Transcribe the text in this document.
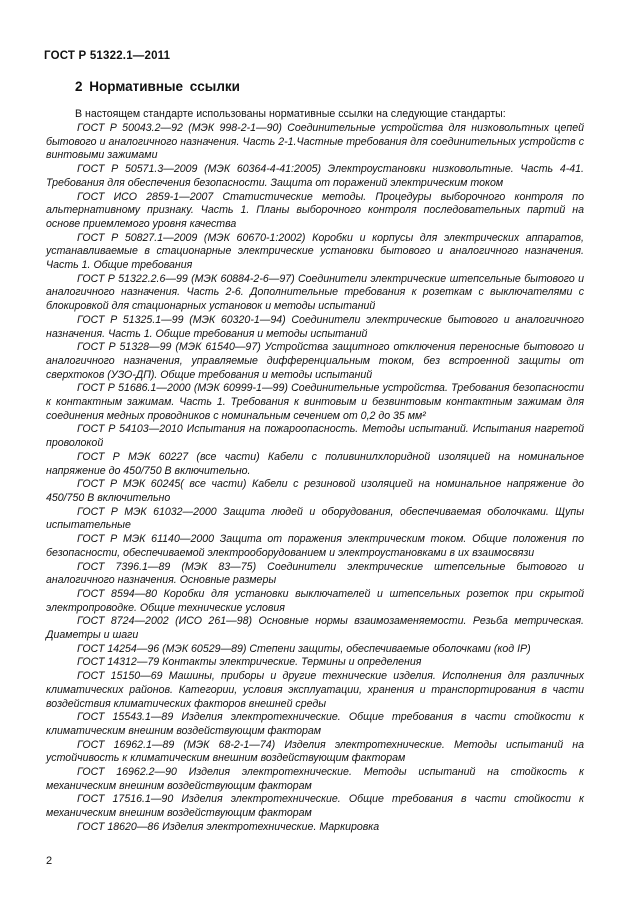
ГОСТ Р 51322.1—2011
2 Нормативные ссылки
В настоящем стандарте использованы нормативные ссылки на следующие стандарты:

ГОСТ Р 50043.2—92 (МЭК 998-2-1—90) Соединительные устройства для низковольтных цепей бытового и аналогичного назначения. Часть 2-1.Частные требования для соединительных устройств с винтовыми зажимами

ГОСТ Р 50571.3—2009 (МЭК 60364-4-41:2005) Электроустановки низковольтные. Часть 4-41. Требования для обеспечения безопасности. Защита от поражений электрическим током

ГОСТ ИСО 2859-1—2007 Статистические методы. Процедуры выборочного контроля по альтернативному признаку. Часть 1. Планы выборочного контроля последовательных партий на основе приемлемого уровня качества

ГОСТ Р 50827.1—2009 (МЭК 60670-1:2002) Коробки и корпусы для электрических аппаратов, устанавливаемые в стационарные электрические установки бытового и аналогичного назначения. Часть 1. Общие требования

ГОСТ Р 51322.2.6—99 (МЭК 60884-2-6—97) Соединители электрические штепсельные бытового и аналогичного назначения. Часть 2-6. Дополнительные требования к розеткам с выключателями с блокировкой для стационарных установок и методы испытаний

ГОСТ Р 51325.1—99 (МЭК 60320-1—94) Соединители электрические бытового и аналогичного назначения. Часть 1. Общие требования и методы испытаний

ГОСТ Р 51328—99 (МЭК 61540—97) Устройства защитного отключения переносные бытового и аналогичного назначения, управляемые дифференциальным током, без встроенной защиты от сверхтоков (УЗО-ДП). Общие требования и методы испытаний

ГОСТ Р 51686.1—2000 (МЭК 60999-1—99) Соединительные устройства. Требования безопасности к контактным зажимам. Часть 1. Требования к винтовым и безвинтовым контактным зажимам для соединения медных проводников с номинальным сечением от 0,2 до 35 мм²

ГОСТ Р 54103—2010 Испытания на пожароопасность. Методы испытаний. Испытания нагретой проволокой

ГОСТ Р МЭК 60227 (все части) Кабели с поливинилхлоридной изоляцией на номинальное напряжение до 450/750 В включительно.

ГОСТ Р МЭК 60245( все части) Кабели с резиновой изоляцией на номинальное напряжение до 450/750 В включительно

ГОСТ Р МЭК 61032—2000 Защита людей и оборудования, обеспечиваемая оболочками. Щупы испытательные

ГОСТ Р МЭК 61140—2000 Защита от поражения электрическим током. Общие положения по безопасности, обеспечиваемой электрооборудованием и электроустановками в их взаимосвязи

ГОСТ 7396.1—89 (МЭК 83—75) Соединители электрические штепсельные бытового и аналогичного назначения. Основные размеры

ГОСТ 8594—80 Коробки для установки выключателей и штепсельных розеток при скрытой электропроводке. Общие технические условия

ГОСТ 8724—2002 (ИСО 261—98) Основные нормы взаимозаменяемости. Резьба метрическая. Диаметры и шаги

ГОСТ 14254—96 (МЭК 60529—89) Степени защиты, обеспечиваемые оболочками (код IP)

ГОСТ 14312—79 Контакты электрические. Термины и определения

ГОСТ 15150—69 Машины, приборы и другие технические изделия. Исполнения для различных климатических районов. Категории, условия эксплуатации, хранения и транспортирования в части воздействия климатических факторов внешней среды

ГОСТ 15543.1—89 Изделия электротехнические. Общие требования в части стойкости к климатическим внешним воздействующим факторам

ГОСТ 16962.1—89 (МЭК 68-2-1—74) Изделия электротехнические. Методы испытаний на устойчивость к климатическим внешним воздействующим факторам

ГОСТ 16962.2—90 Изделия электротехнические. Методы испытаний на стойкость к механическим внешним воздействующим факторам

ГОСТ 17516.1—90 Изделия электротехнические. Общие требования в части стойкости к механическим внешним воздействующим факторам

ГОСТ 18620—86 Изделия электротехнические. Маркировка

2
